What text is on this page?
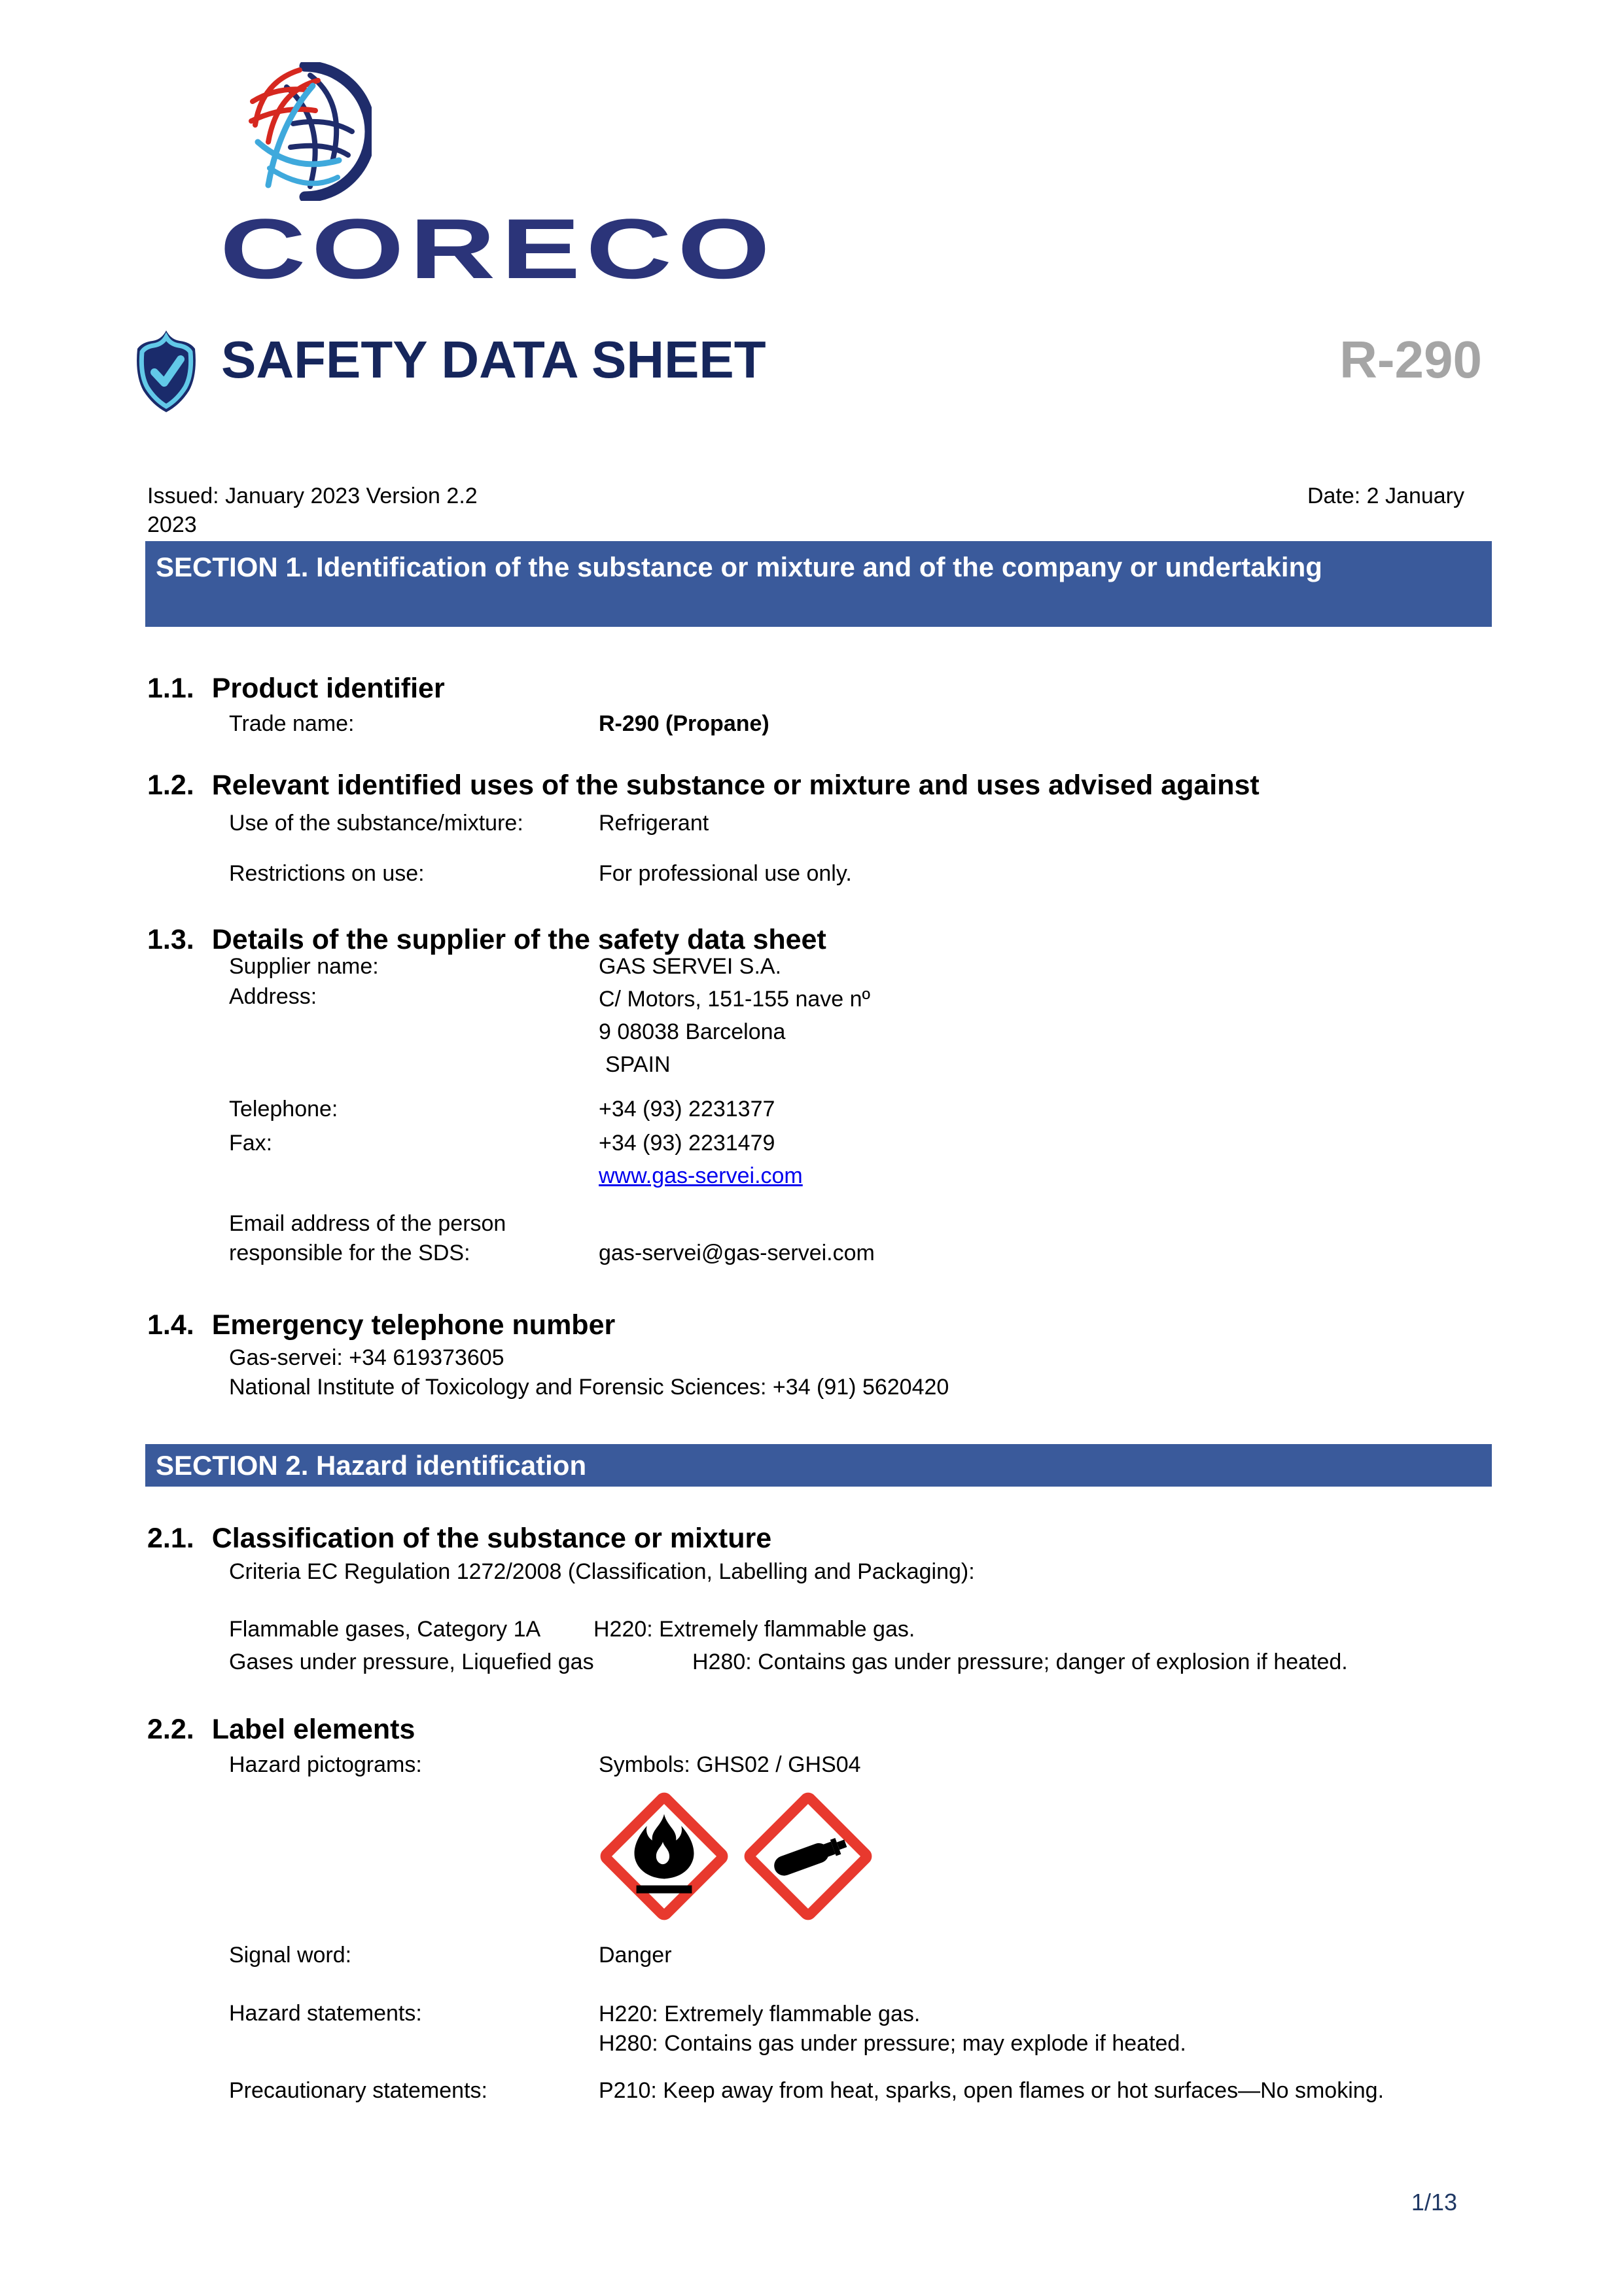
CORECO
SAFETY DATA SHEET	R-290
Issued: January 2023 Version 2.2	Date: 2 January
2023
SECTION 1. Identification of the substance or mixture and of the company or undertaking
1.1. Product identifier
Trade name:	R-290 (Propane)
1.2. Relevant identified uses of the substance or mixture and uses advised against
Use of the substance/mixture:	Refrigerant
Restrictions on use:	For professional use only.
1.3. Details of the supplier of the safety data sheet
Supplier name:	GAS SERVEI S.A.
Address:	C/ Motors, 151-155 nave nº
9 08038 Barcelona
SPAIN
Telephone:	+34 (93) 2231377
Fax:	+34 (93) 2231479
www.gas-servei.com
Email address of the person
responsible for the SDS:	gas-servei@gas-servei.com
1.4. Emergency telephone number
Gas-servei: +34 619373605
National Institute of Toxicology and Forensic Sciences: +34 (91) 5620420
SECTION 2. Hazard identification
2.1. Classification of the substance or mixture
Criteria EC Regulation 1272/2008 (Classification, Labelling and Packaging):
Flammable gases, Category 1A	H220: Extremely flammable gas.
Gases under pressure, Liquefied gas	H280: Contains gas under pressure; danger of explosion if heated.
2.2. Label elements
Hazard pictograms:	Symbols: GHS02 / GHS04
Signal word:	Danger
Hazard statements:	H220: Extremely flammable gas.
H280: Contains gas under pressure; may explode if heated.
Precautionary statements:	P210: Keep away from heat, sparks, open flames or hot surfaces—No smoking.
1/13
